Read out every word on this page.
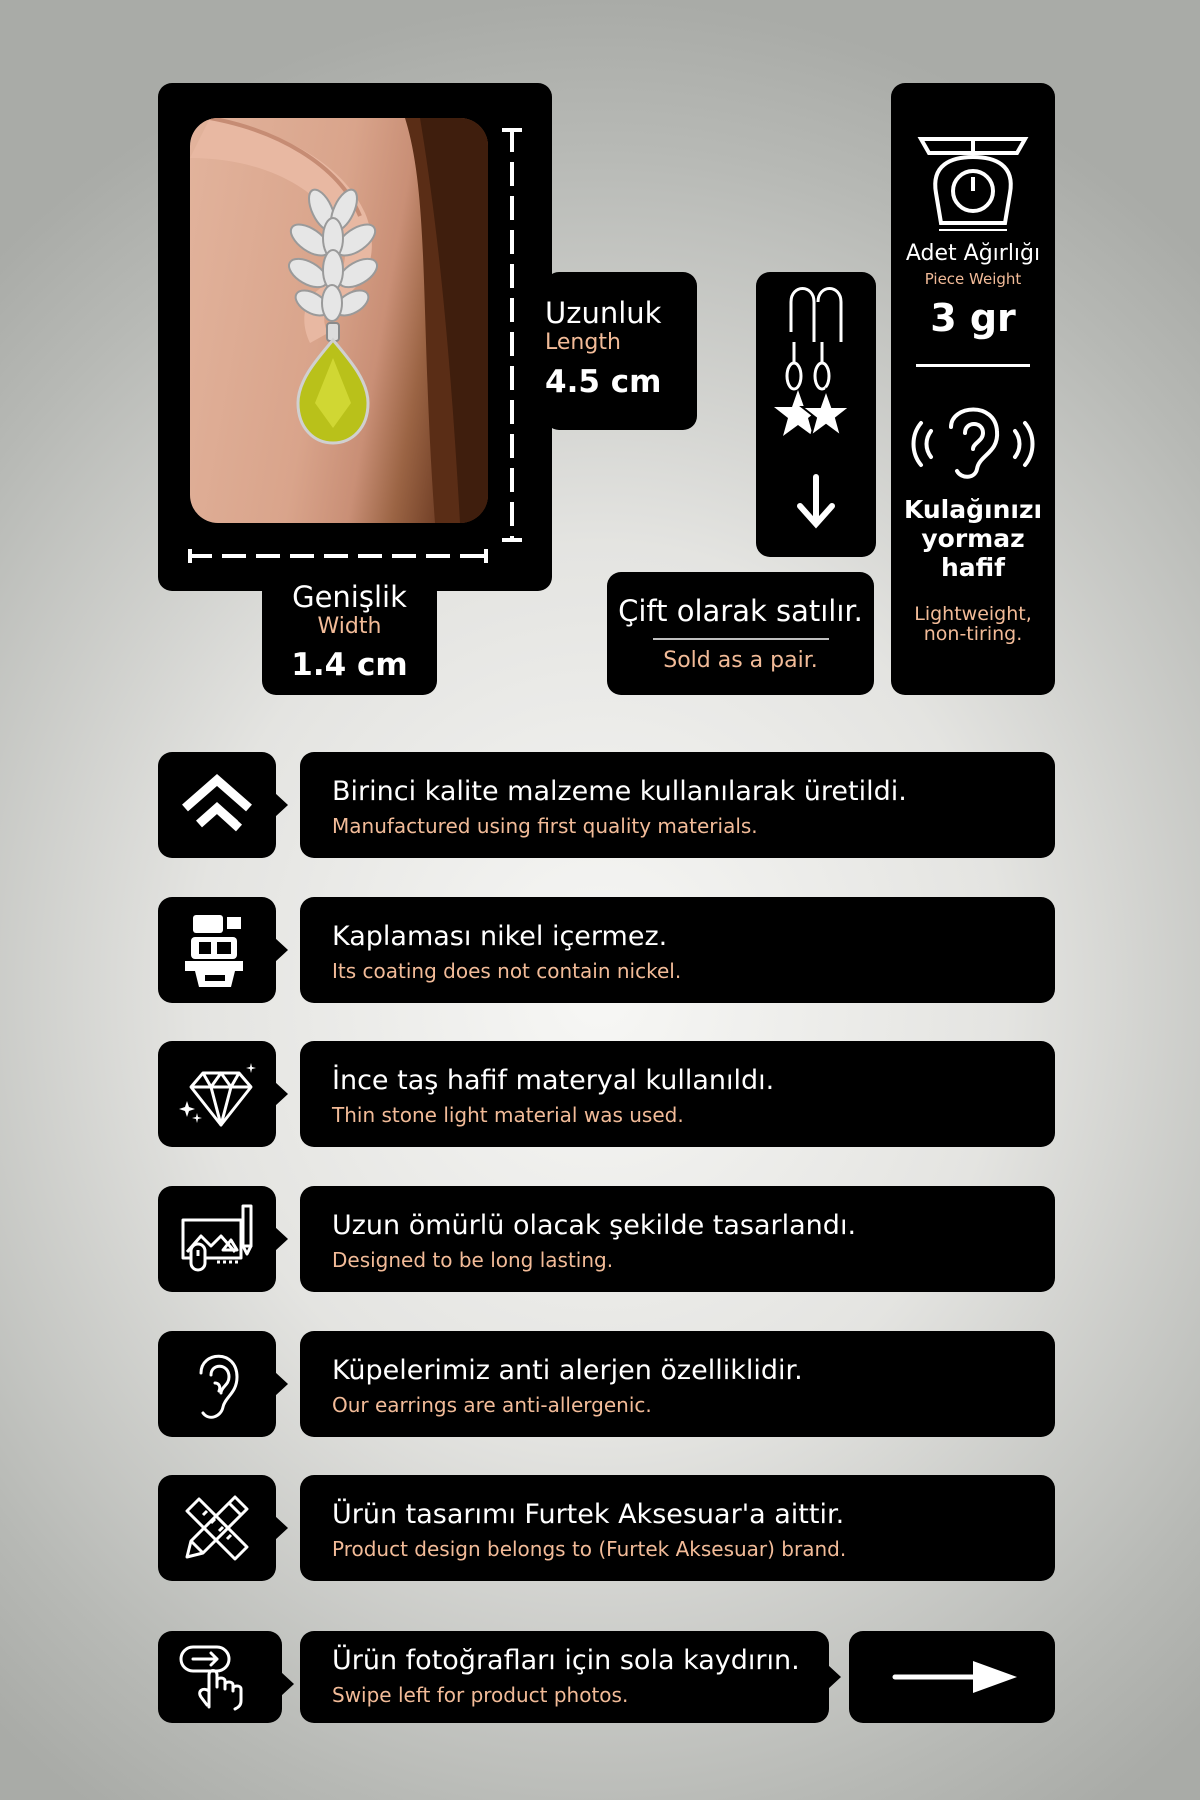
Uzunluk
Length
4.5 cm
Genişlik
Width
1.4 cm
Çift olarak satılır.
Sold as a pair.
Adet Ağırlığı
Piece Weight
3 gr
Kulağınızı yormaz hafif
Lightweight, non-tiring.
Birinci kalite malzeme kullanılarak üretildi.
Manufactured using first quality materials.
Kaplaması nikel içermez.
Its coating does not contain nickel.
İnce taş hafif materyal kullanıldı.
Thin stone light material was used.
Uzun ömürlü olacak şekilde tasarlandı.
Designed to be long lasting.
Küpelerimiz anti alerjen özelliklidir.
Our earrings are anti-allergenic.
Ürün tasarımı Furtek Aksesuar'a aittir.
Product design belongs to (Furtek Aksesuar) brand.
Ürün fotoğrafları için sola kaydırın.
Swipe left for product photos.
